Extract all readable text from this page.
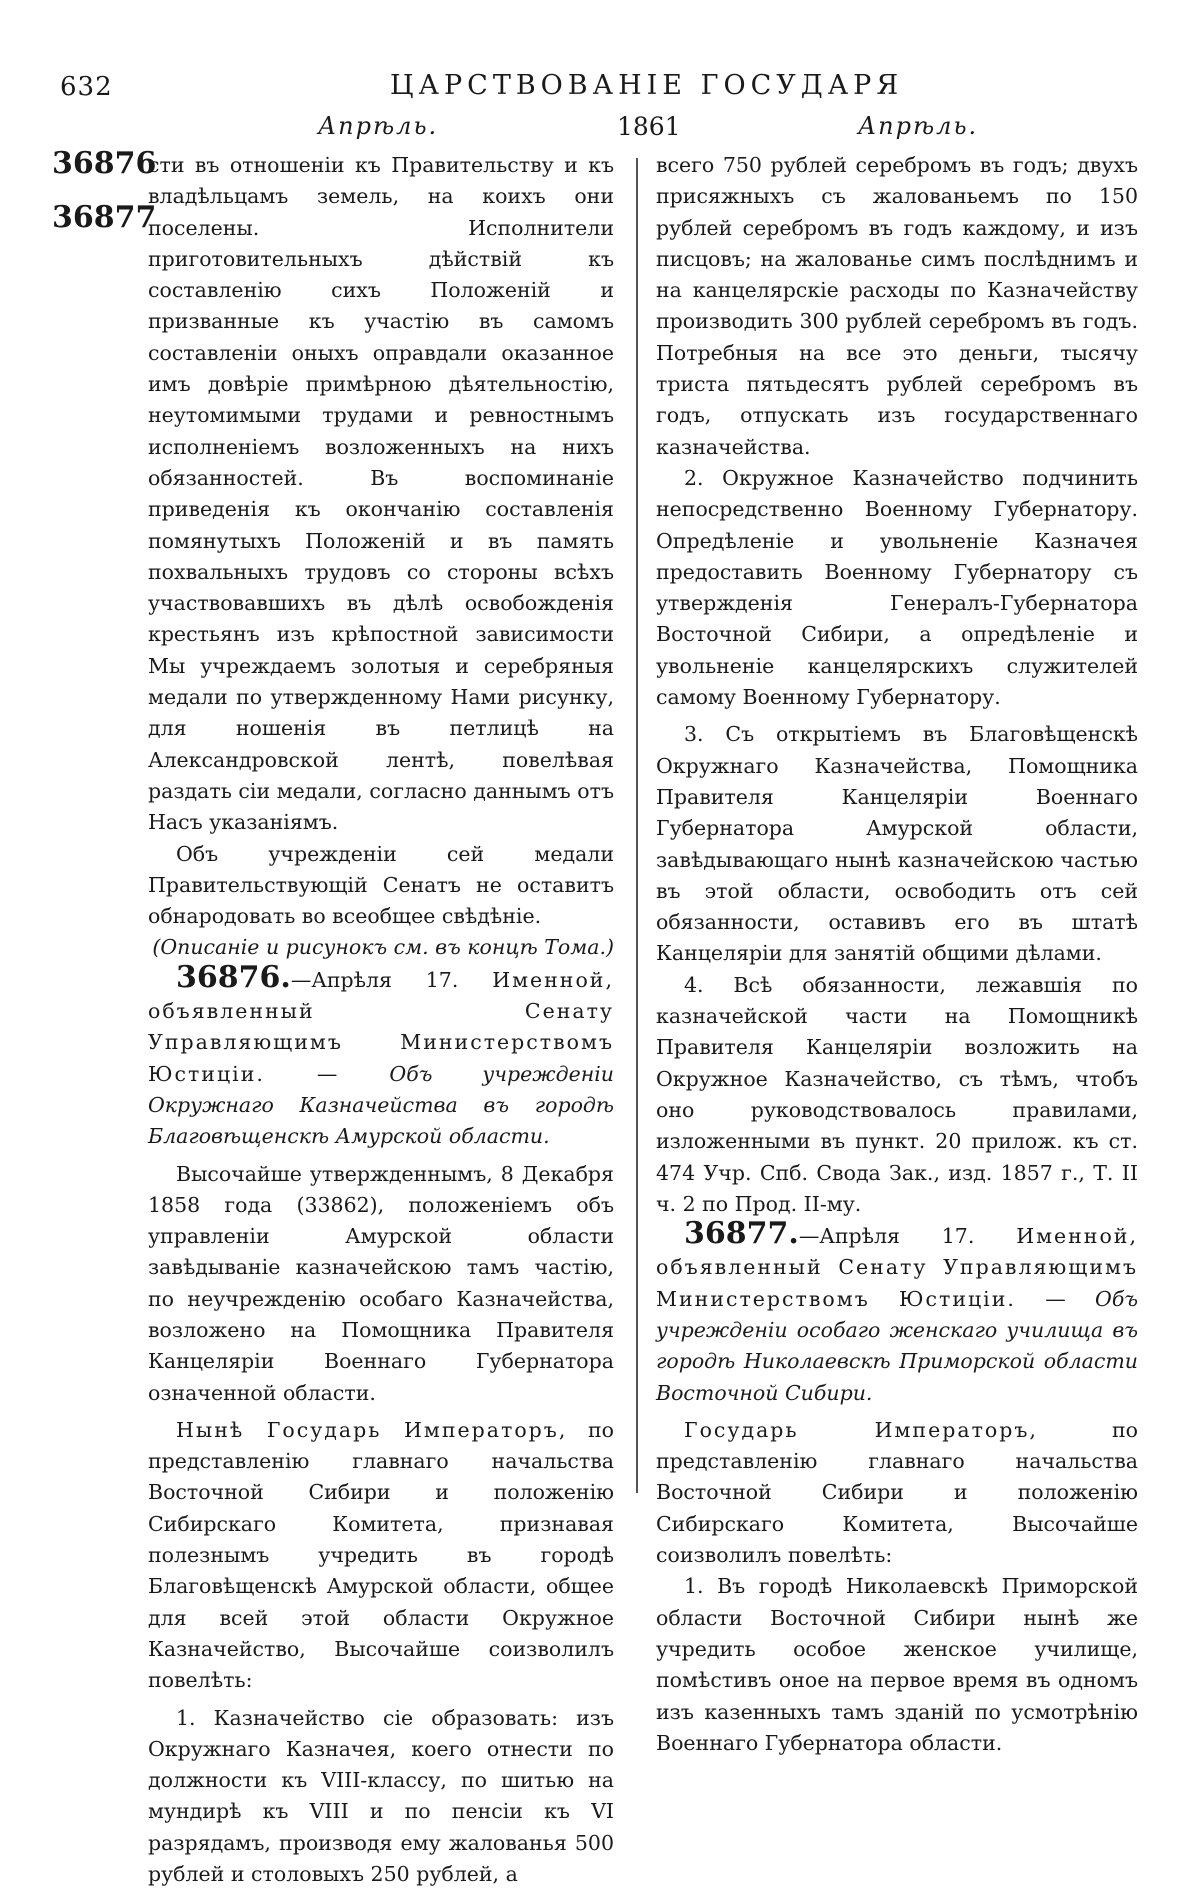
632	ЦАРСТВОВАНІЕ ГОСУДАРЯ
Апрѣль.	1861	Апрѣль.
36876
36877

сти въ отношеніи къ Правительству и къ владѣльцамъ земель, на коихъ они поселены. Исполнители приготовительныхъ дѣйствій къ составленію сихъ Положеній и призванные къ участію въ самомъ составленіи оныхъ оправдали оказанное имъ довѣріе примѣрною дѣятельностію, неутомимыми трудами и ревностнымъ исполненіемъ возложенныхъ на нихъ обязанностей. Въ воспоминаніе приведенія къ окончанію составленія помянутыхъ Положеній и въ память похвальныхъ трудовъ со стороны всѣхъ участвовавшихъ въ дѣлѣ освобожденія крестьянъ изъ крѣпостной зависимости Мы учреждаемъ золотыя и серебряныя медали по утвержденному Нами рисунку, для ношенія въ петлицѣ на Александровской лентѣ, повелѣвая раздать сіи медали, согласно даннымъ отъ Насъ указаніямъ.

Объ учрежденіи сей медали Правительствующій Сенатъ не оставитъ обнародовать во всеобщее свѣдѣніе.

(Описаніе и рисунокъ см. въ концѣ Тома.)

36876.—Апрѣля 17. Именной, объявленный Сенату Управляющимъ Министерствомъ Юстиціи. — Объ учрежденіи Окружнаго Казначейства въ городѣ Благовѣщенскѣ Амурской области.

Высочайше утвержденнымъ, 8 Декабря 1858 года (33862), положеніемъ объ управленіи Амурской области завѣдываніе казначейскою тамъ частію, по неучрежденію особаго Казначейства, возложено на Помощника Правителя Канцеляріи Военнаго Губернатора означенной области.

Нынѣ Государь Императоръ, по представленію главнаго начальства Восточной Сибири и положенію Сибирскаго Комитета, признавая полезнымъ учредить въ городѣ Благовѣщенскѣ Амурской области, общее для всей этой области Окружное Казначейство, Высочайше соизволилъ повелѣть:

1. Казначейство сіе образовать: изъ Окружнаго Казначея, коего отнести по должности къ VIII-классу, по шитью на мундирѣ къ VIII и по пенсіи къ VI разрядамъ, производя ему жалованья 500 рублей и столовыхъ 250 рублей, а

всего 750 рублей серебромъ въ годъ; двухъ присяжныхъ съ жалованьемъ по 150 рублей серебромъ въ годъ каждому, и изъ писцовъ; на жалованье симъ послѣднимъ и на канцелярскіе расходы по Казначейству производить 300 рублей серебромъ въ годъ. Потребныя на все это деньги, тысячу триста пятьдесятъ рублей серебромъ въ годъ, отпускать изъ государственнаго казначейства.

2. Окружное Казначейство подчинить непосредственно Военному Губернатору. Опредѣленіе и увольненіе Казначея предоставить Военному Губернатору съ утвержденія Генералъ-Губернатора Восточной Сибири, а опредѣленіе и увольненіе канцелярскихъ служителей самому Военному Губернатору.

3. Съ открытіемъ въ Благовѣщенскѣ Окружнаго Казначейства, Помощника Правителя Канцеляріи Военнаго Губернатора Амурской области, завѣдывающаго нынѣ казначейскою частью въ этой области, освободить отъ сей обязанности, оставивъ его въ штатѣ Канцеляріи для занятій общими дѣлами.

4. Всѣ обязанности, лежавшія по казначейской части на Помощникѣ Правителя Канцеляріи возложить на Окружное Казначейство, съ тѣмъ, чтобъ оно руководствовалось правилами, изложенными въ пункт. 20 прилож. къ ст. 474 Учр. Спб. Свода Зак., изд. 1857 г., Т. II ч. 2 по Прод. II-му.

36877.—Апрѣля 17. Именной, объявленный Сенату Управляющимъ Министерствомъ Юстиціи. — Объ учрежденіи особаго женскаго училища въ городѣ Николаевскѣ Приморской области Восточной Сибири.

Государь Императоръ,	по представленію главнаго начальства Восточной Сибири и положенію Сибирскаго Комитета, Высочайше соизволилъ повелѣть:

1. Въ городѣ Николаевскѣ Приморской области Восточной Сибири нынѣ же учредить особое женское училище, помѣстивъ оное на первое время въ одномъ изъ казенныхъ тамъ зданій по усмотрѣнію Военнаго Губернатора области.
